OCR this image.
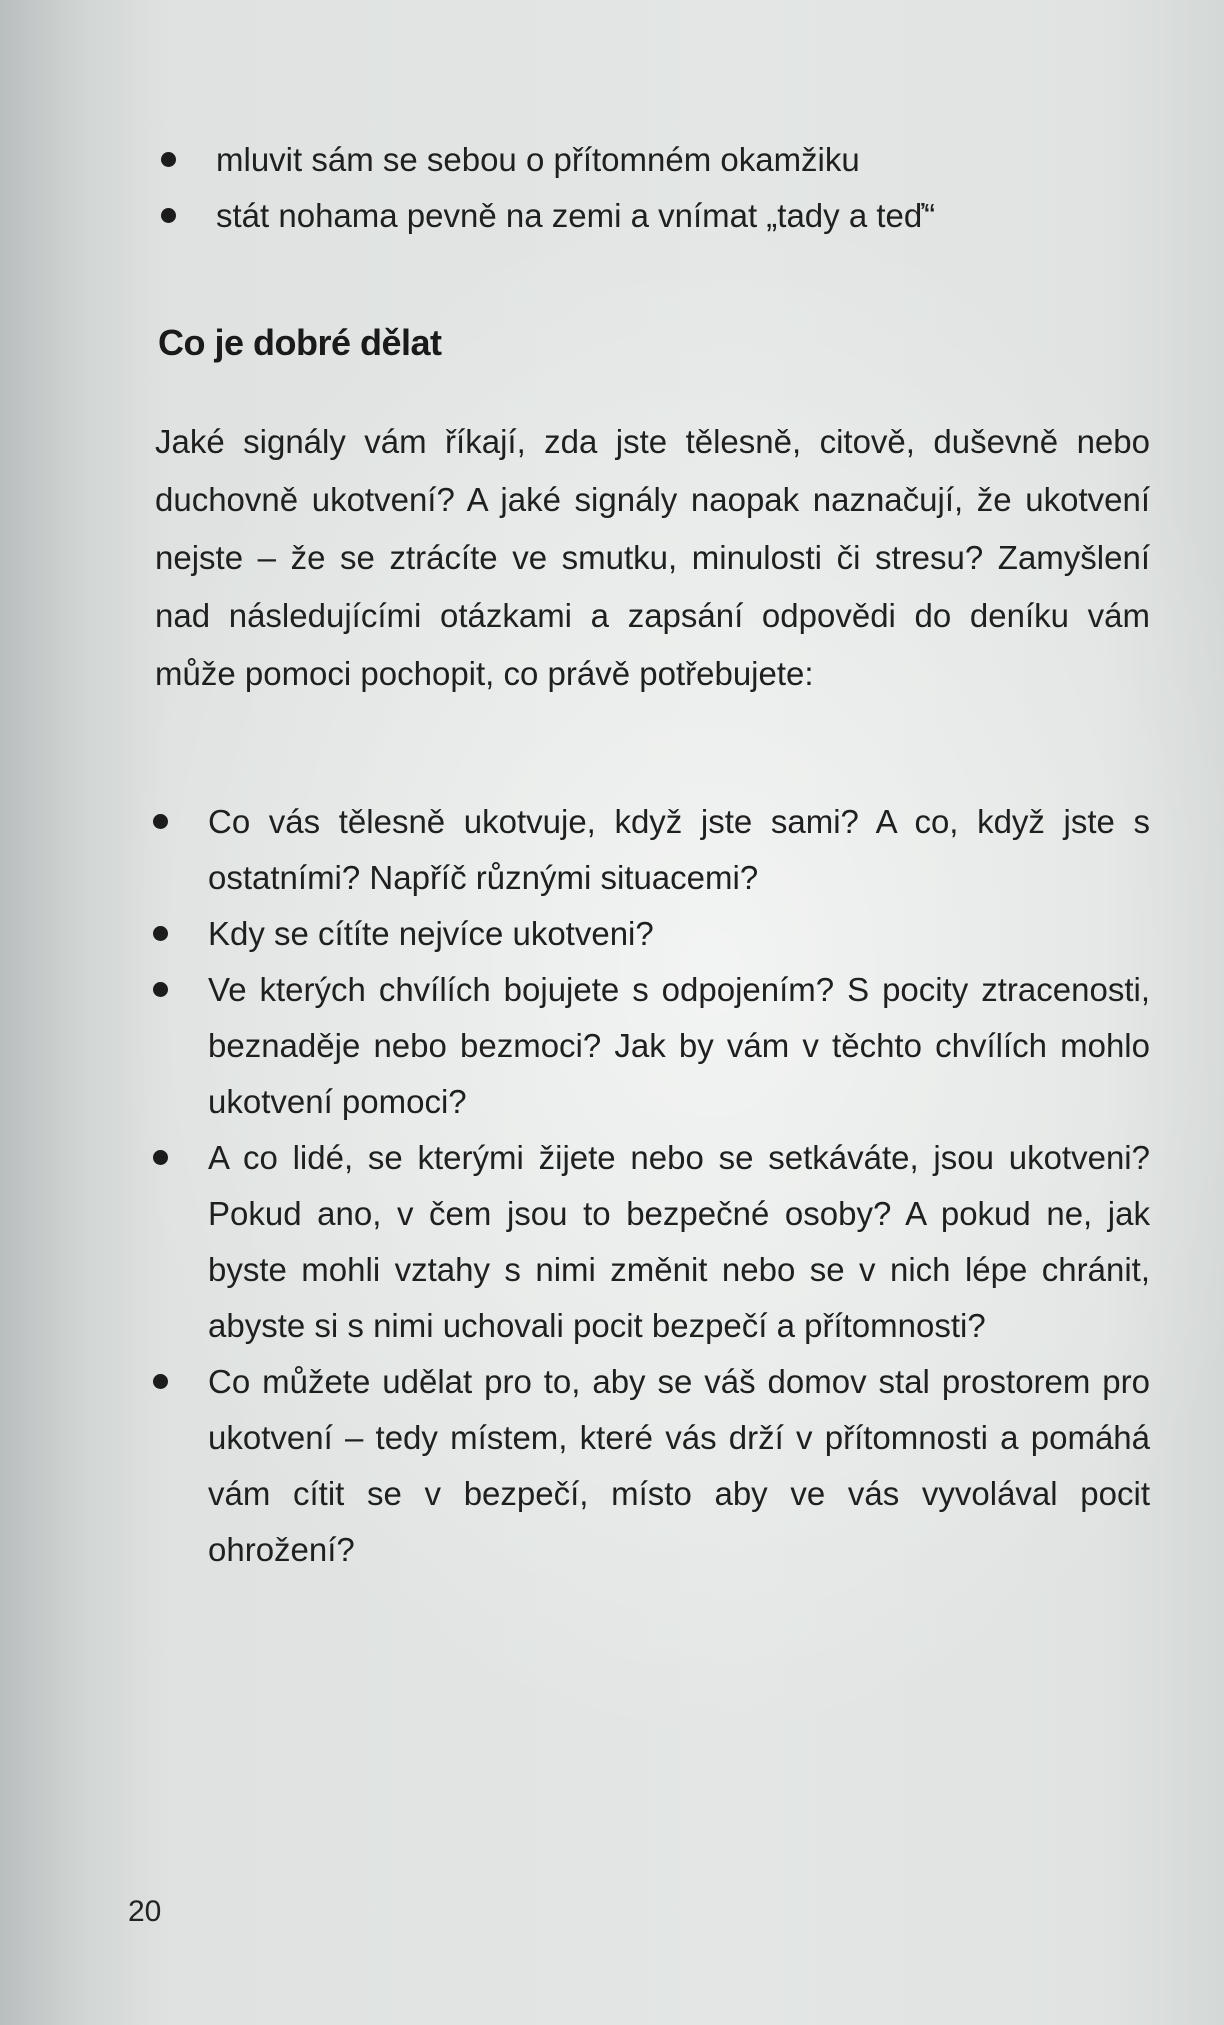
mluvit sám se sebou o přítomném okamžiku
stát nohama pevně na zemi a vnímat „tady a teď“
Co je dobré dělat

Jaké signály vám říkají, zda jste tělesně, citově, duševně nebo duchovně ukotvení? A jaké signály naopak naznačují, že ukotvení nejste – že se ztrácíte ve smutku, minulosti či stresu? Zamyšlení nad následujícími otázkami a zapsání odpovědi do deníku vám může pomoci pochopit, co právě potřebujete:

Co vás tělesně ukotvuje, když jste sami? A co, když jste s ostatními? Napříč různými situacemi?
Kdy se cítíte nejvíce ukotveni?
Ve kterých chvílích bojujete s odpojením? S pocity ztracenosti, beznaděje nebo bezmoci? Jak by vám v těchto chvílích mohlo ukotvení pomoci?
A co lidé, se kterými žijete nebo se setkáváte, jsou ukotveni? Pokud ano, v čem jsou to bezpečné osoby? A pokud ne, jak byste mohli vztahy s nimi změnit nebo se v nich lépe chránit, abyste si s nimi uchovali pocit bezpečí a přítomnosti?
Co můžete udělat pro to, aby se váš domov stal prostorem pro ukotvení – tedy místem, které vás drží v přítomnosti a pomáhá vám cítit se v bezpečí, místo aby ve vás vyvolával pocit ohrožení?
20
